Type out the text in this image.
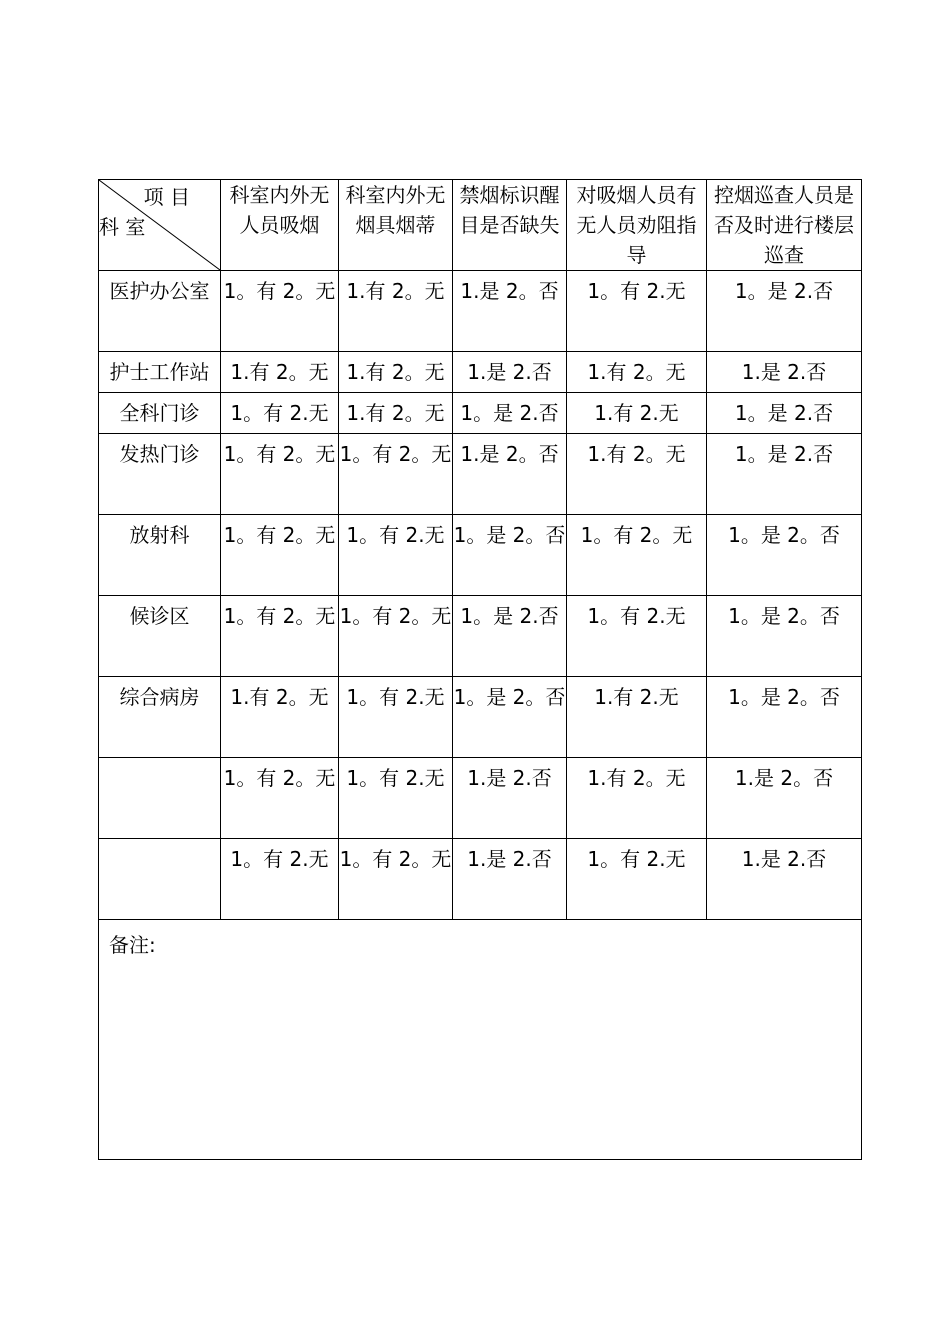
项 目
科 室	科室内外无人员吸烟	科室内外无烟具烟蒂	禁烟标识醒目是否缺失	对吸烟人员有无人员劝阻指导	控烟巡查人员是否及时进行楼层巡查
医护办公室	1。有 2。无	1.有 2。无	1.是 2。否	1。有 2.无	1。是 2.否
护士工作站	1.有 2。无	1.有 2。无	1.是 2.否	1.有 2。无	1.是 2.否
全科门诊	1。有 2.无	1.有 2。无	1。是 2.否	1.有 2.无	1。是 2.否
发热门诊	1。有 2。无	1。有 2。无	1.是 2。否	1.有 2。无	1。是 2.否
放射科	1。有 2。无	1。有 2.无	1。是 2。否	1。有 2。无	1。是 2。否
候诊区	1。有 2。无	1。有 2。无	1。是 2.否	1。有 2.无	1。是 2。否
综合病房	1.有 2。无	1。有 2.无	1。是 2。否	1.有 2.无	1。是 2。否
	1。有 2。无	1。有 2.无	1.是 2.否	1.有 2。无	1.是 2。否
	1。有 2.无	1。有 2。无	1.是 2.否	1。有 2.无	1.是 2.否
备注:					
